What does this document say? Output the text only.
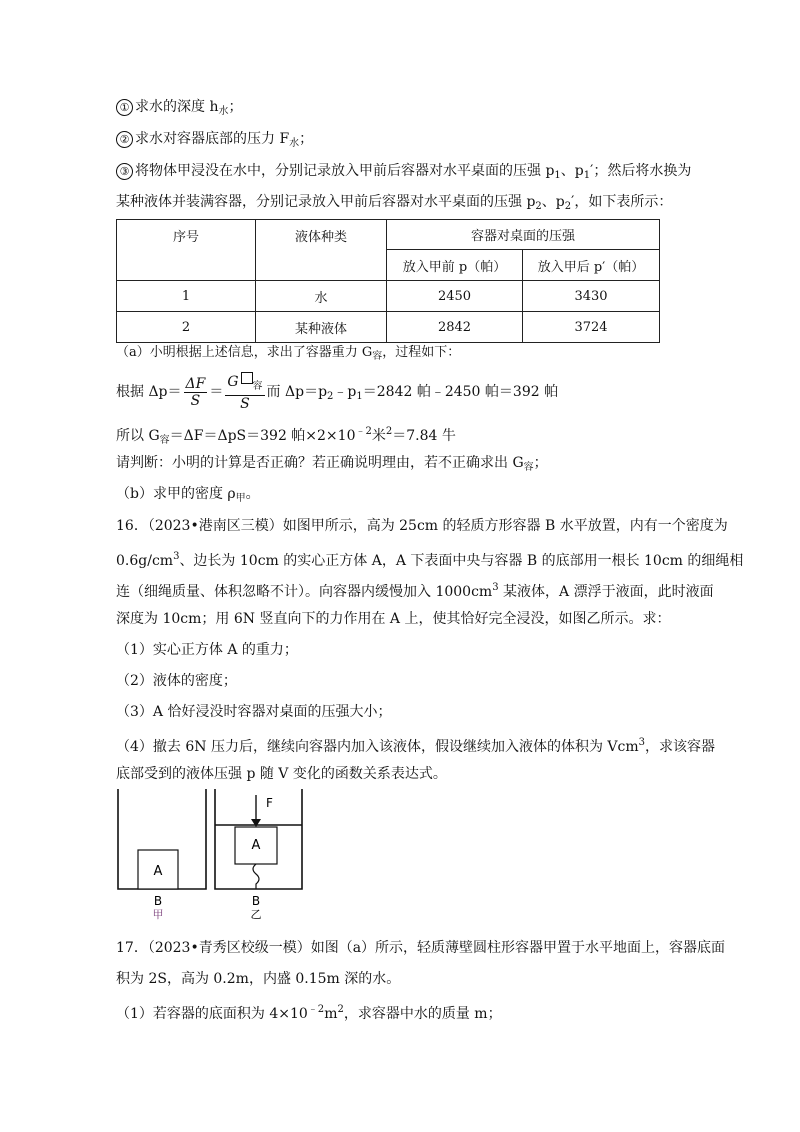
① 求水的深度 $h_水$；
② 求水对容器底部的压力 $F_水$；
③ 将物体甲浸没在水中，分别记录放入甲前后容器对水平桌面的压强 $p_1$、$p_1'$；然后将水换为
某种液体并装满容器，分别记录放入甲前后容器对水平桌面的压强 $p_2$、$p_2'$，如下表所示：
序号	液体种类	容器对桌面的压强	
		放入甲前 p（帕）	放入甲后 p′（帕）
1	水	2450	3430
2	某种液体	2842	3724
（a）小明根据上述信息，求出了容器重力 $G_容$，过程如下：
根据 $\Delta p= \frac{\Delta F}{S} = \frac{G _容}{S}$ 而 $\Delta p=p_2﹣p_1=2842$ 帕﹣2450 帕＝392 帕
所以 $G_容=\Delta F=\Delta pS=392$ 帕$\times 2\times 10^{﹣2}$米$^2$＝7.84 牛
请判断：小明的计算是否正确？若正确说明理由，若不正确求出 $G_容$；
（b）求甲的密度 $\rho_甲$。
16．（2023•港南区三模）如图甲所示，高为 25cm 的轻质方形容器 B 水平放置，内有一个密度为
$0.6g/cm^3$、边长为 10cm 的实心正方体 A，A 下表面中央与容器 B 的底部用一根长 10cm 的细绳相
连（细绳质量、体积忽略不计）。向容器内缓慢加入 $1000cm^3$ 某液体，A 漂浮于液面，此时液面
深度为 10cm；用 6N 竖直向下的力作用在 A 上，使其恰好完全浸没，如图乙所示。求：
（1）实心正方体 A 的重力；
（2）液体的密度；
（3）A 恰好浸没时容器对桌面的压强大小；
（4）撤去 6N 压力后，继续向容器内加入该液体，假设继续加入液体的体积为 Vcm$^3$，求该容器
底部受到的液体压强 p 随 V 变化的函数关系表达式。
A
B
甲
A
F
B
乙
17．（2023•青秀区校级一模）如图（a）所示，轻质薄壁圆柱形容器甲置于水平地面上，容器底面
积为 2S，高为 0.2m，内盛 0.15m 深的水。
（1）若容器的底面积为 $4\times 10^{﹣2}m^2$，求容器中水的质量 m；
